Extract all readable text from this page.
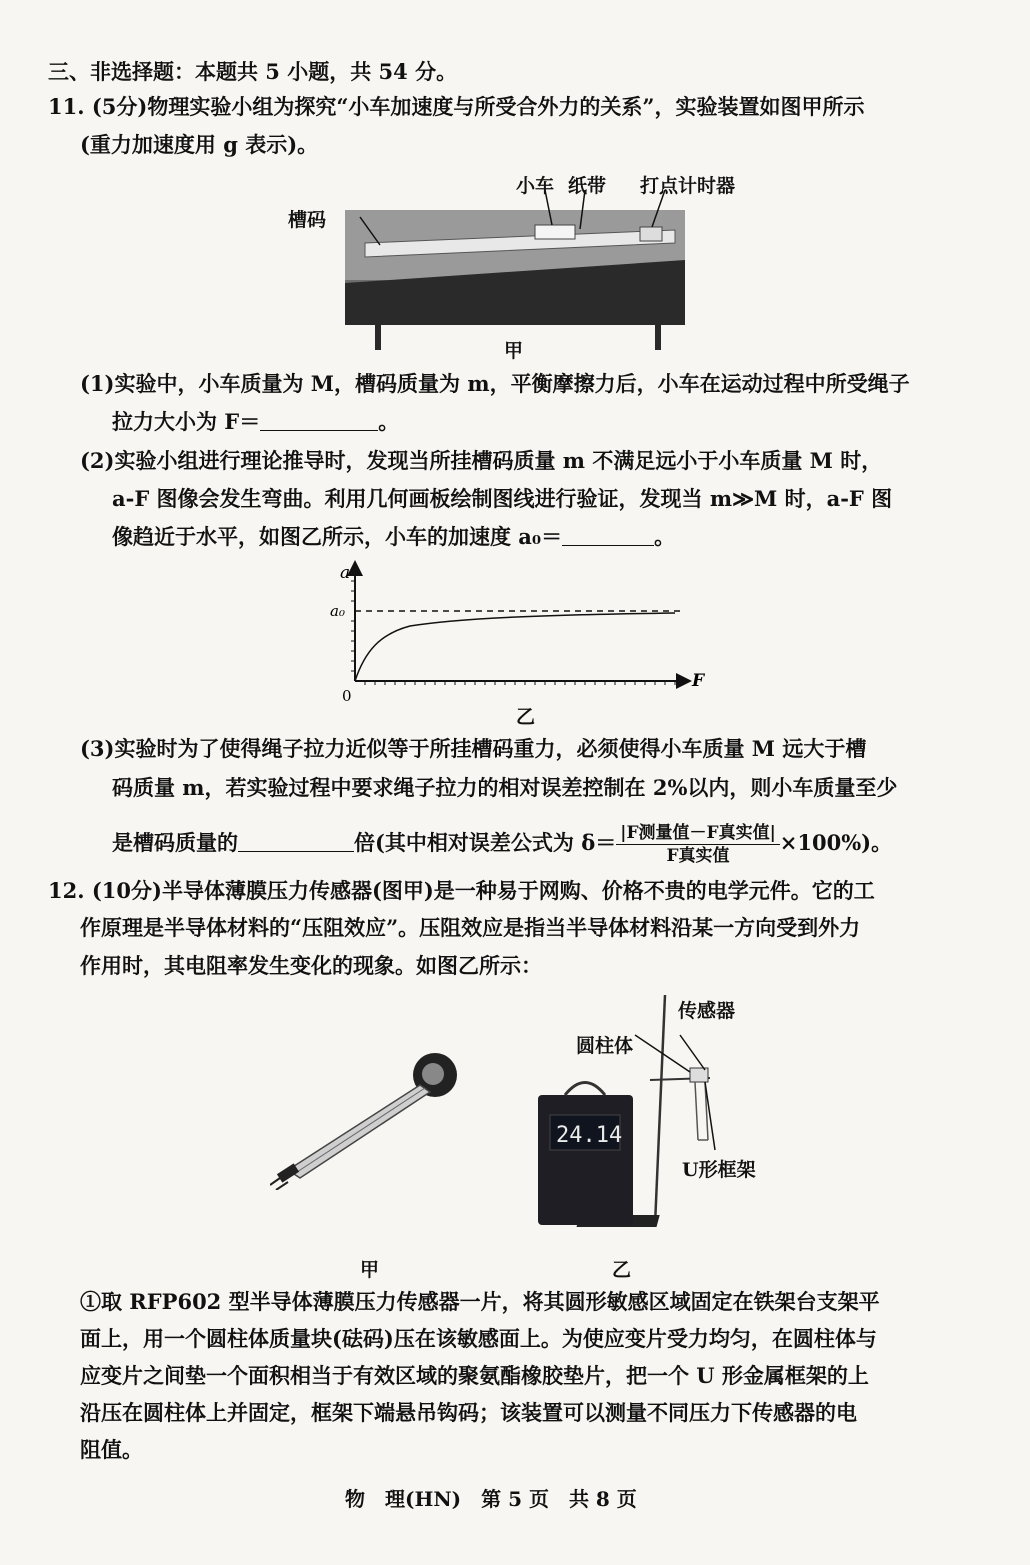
三、非选择题：本题共 5 小题，共 54 分。
11. (5分)物理实验小组为探究“小车加速度与所受合外力的关系”，实验装置如图甲所示
(重力加速度用 g 表示)。
小车 纸带 打点计时器
槽码
甲
(1)实验中，小车质量为 M，槽码质量为 m，平衡摩擦力后，小车在运动过程中所受绳子
拉力大小为 F＝	。
(2)实验小组进行理论推导时，发现当所挂槽码质量 m 不满足远小于小车质量 M 时，
a-F 图像会发生弯曲。利用几何画板绘制图线进行验证，发现当 m≫M 时，a-F 图
像趋近于水平，如图乙所示，小车的加速度 a₀＝	。
a
a₀
0
F
乙
(3)实验时为了使得绳子拉力近似等于所挂槽码重力，必须使得小车质量 M 远大于槽
码质量 m，若实验过程中要求绳子拉力的相对误差控制在 2%以内，则小车质量至少
是槽码质量的	倍(其中相对误差公式为 $\delta= \frac{\text{|F测量值－F真实值|}}{\text{F真实值}} \times 100\%$)。
12. (10分)半导体薄膜压力传感器(图甲)是一种易于网购、价格不贵的电学元件。它的工
作原理是半导体材料的“压阻效应”。压阻效应是指当半导体材料沿某一方向受到外力
作用时，其电阻率发生变化的现象。如图乙所示：
24.14
传感器
圆柱体
U形框架
甲	乙
①取 RFP602 型半导体薄膜压力传感器一片，将其圆形敏感区域固定在铁架台支架平
面上，用一个圆柱体质量块(砝码)压在该敏感面上。为使应变片受力均匀，在圆柱体与
应变片之间垫一个面积相当于有效区域的聚氨酯橡胶垫片，把一个 U 形金属框架的上
沿压在圆柱体上并固定，框架下端悬吊钩码；该装置可以测量不同压力下传感器的电
阻值。
物　理(HN)　第 5 页　共 8 页
